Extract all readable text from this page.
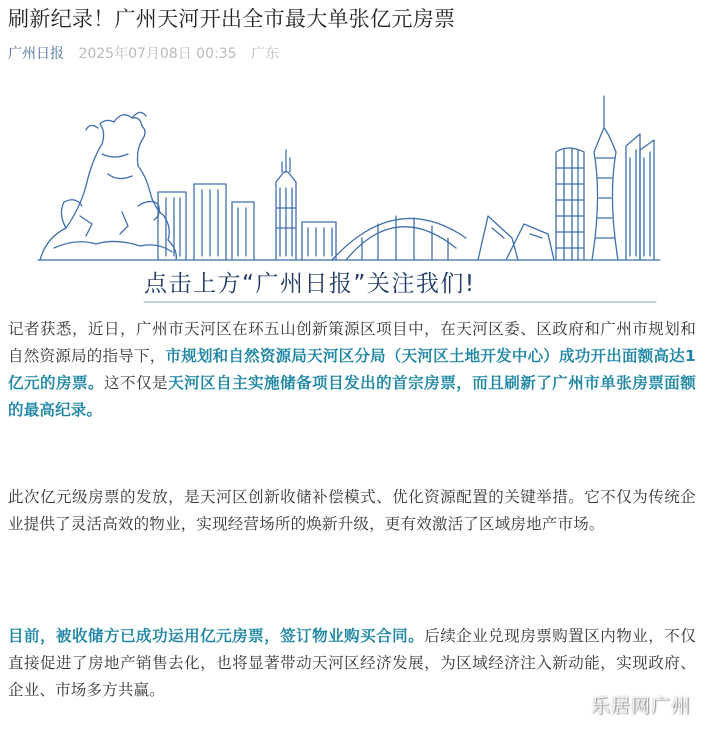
刷新纪录！广州天河开出全市最大单张亿元房票
广州日报 2025年07月08日 00:35 广东
点击上方“广州日报”关注我们!

记者获悉，近日，广州市天河区在环五山创新策源区项目中，在天河区委、区政府和广州市规划和自然资源局的指导下，市规划和自然资源局天河区分局（天河区土地开发中心）成功开出面额高达1亿元的房票。这不仅是天河区自主实施储备项目发出的首宗房票，而且刷新了广州市单张房票面额的最高纪录。

此次亿元级房票的发放，是天河区创新收储补偿模式、优化资源配置的关键举措。它不仅为传统企业提供了灵活高效的物业，实现经营场所的焕新升级，更有效激活了区域房地产市场。

目前，被收储方已成功运用亿元房票，签订物业购买合同。后续企业兑现房票购置区内物业，不仅直接促进了房地产销售去化，也将显著带动天河区经济发展，为区域经济注入新动能，实现政府、企业、市场多方共赢。

乐居网广州
